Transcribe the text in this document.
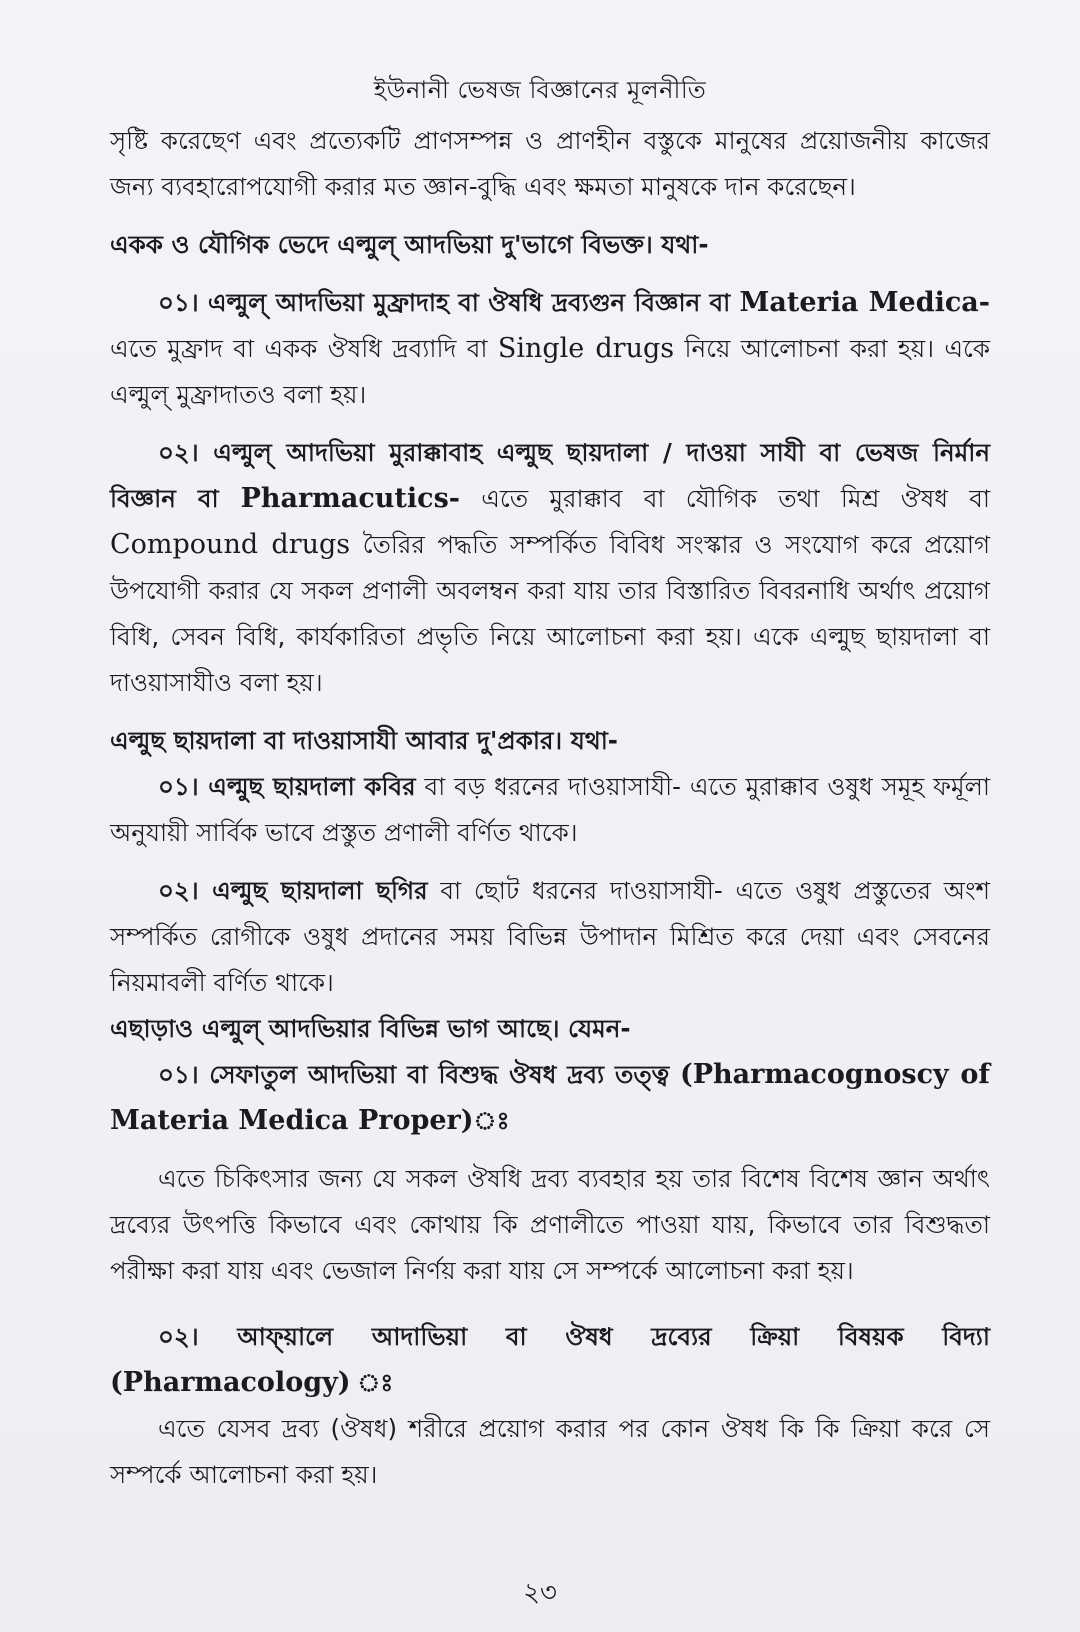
ইউনানী ভেষজ বিজ্ঞানের মূলনীতি

সৃষ্টি করেছেণ এবং প্রত্যেকটি প্রাণসম্পন্ন ও প্রাণহীন বস্তুকে মানুষের প্রয়োজনীয় কাজের জন্য ব্যবহারোপযোগী করার মত জ্ঞান-বুদ্ধি এবং ক্ষমতা মানুষকে দান করেছেন।

একক ও যৌগিক ভেদে এল্মুল্ আদভিয়া দু'ভাগে বিভক্ত। যথা-

০১। এল্মুল্ আদভিয়া মুফ্রাদাহ বা ঔষধি দ্রব্যগুন বিজ্ঞান বা Materia Medica- এতে মুফ্রাদ বা একক ঔষধি দ্রব্যাদি বা Single drugs নিয়ে আলোচনা করা হয়। একে এল্মুল্ মুফ্রাদাতও বলা হয়।

০২। এল্মুল্ আদভিয়া মুরাক্কাবাহ এল্মুছ ছায়দালা / দাওয়া সাযী বা ভেষজ নির্মান বিজ্ঞান বা Pharmacutics- এতে মুরাক্কাব বা যৌগিক তথা মিশ্র ঔষধ বা Compound drugs তৈরির পদ্ধতি সম্পর্কিত বিবিধ সংস্কার ও সংযোগ করে প্রয়োগ উপযোগী করার যে সকল প্রণালী অবলম্বন করা যায় তার বিস্তারিত বিবরনাধি অর্থাৎ প্রয়োগ বিধি, সেবন বিধি, কার্যকারিতা প্রভৃতি নিয়ে আলোচনা করা হয়। একে এল্মুছ ছায়দালা বা দাওয়াসাযীও বলা হয়।

এল্মুছ ছায়দালা বা দাওয়াসাযী আবার দু'প্রকার। যথা-

০১। এল্মুছ ছায়দালা কবির বা বড় ধরনের দাওয়াসাযী- এতে মুরাক্কাব ওষুধ সমূহ ফর্মূলা অনুযায়ী সার্বিক ভাবে প্রস্তুত প্রণালী বর্ণিত থাকে।

০২। এল্মুছ ছায়দালা ছগির বা ছোট ধরনের দাওয়াসাযী- এতে ওষুধ প্রস্তুতের অংশ সম্পর্কিত রোগীকে ওষুধ প্রদানের সময় বিভিন্ন উপাদান মিশ্রিত করে দেয়া এবং সেবনের নিয়মাবলী বর্ণিত থাকে।

এছাড়াও এল্মুল্ আদভিয়ার বিভিন্ন ভাগ আছে। যেমন-

০১। সেফাতুল আদভিয়া বা বিশুদ্ধ ঔষধ দ্রব্য তত্ত্ব (Pharmacognoscy of Materia Medica Proper)ঃ

এতে চিকিৎসার জন্য যে সকল ঔষধি দ্রব্য ব্যবহার হয় তার বিশেষ বিশেষ জ্ঞান অর্থাৎ দ্রব্যের উৎপত্তি কিভাবে এবং কোথায় কি প্রণালীতে পাওয়া যায়, কিভাবে তার বিশুদ্ধতা পরীক্ষা করা যায় এবং ভেজাল নির্ণয় করা যায় সে সম্পর্কে আলোচনা করা হয়।

০২। আফ্য়ালে আদাভিয়া বা ঔষধ দ্রব্যের ক্রিয়া বিষয়ক বিদ্যা (Pharmacology) ঃ

এতে যেসব দ্রব্য (ঔষধ) শরীরে প্রয়োগ করার পর কোন ঔষধ কি কি ক্রিয়া করে সে সম্পর্কে আলোচনা করা হয়।

২৩
